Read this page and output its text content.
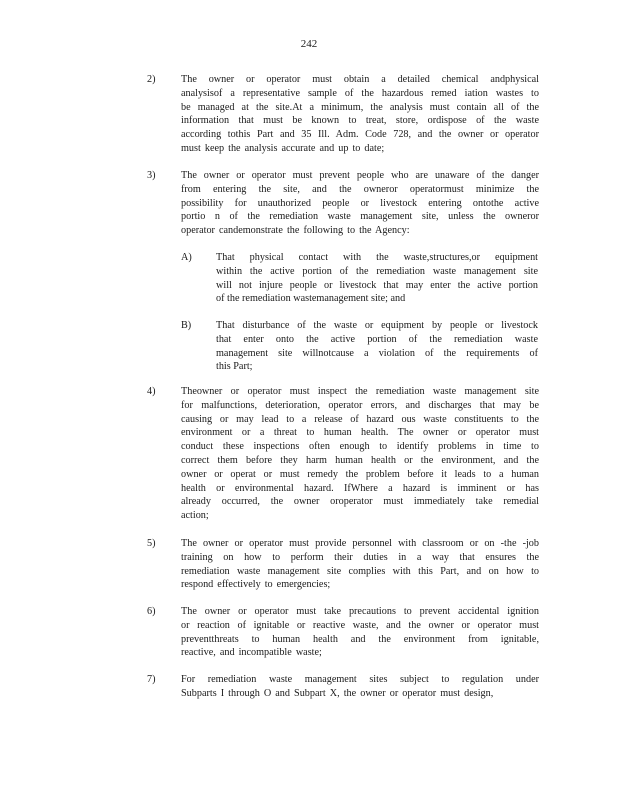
242
2)	The owner or operator must obtain a detailed chemical andphysical
analysisof a representative sample of the hazardous remed iation wastes to
be managed at the site.At a minimum, the analysis must contain all of the
information that must be known to treat, store, ordispose of the waste
according tothis Part and 35 Ill. Adm. Code 728, and the owner or operator
must keep the analysis accurate and up to date;
3)	The owner or operator must prevent people who are unaware of the danger
from entering the site, and the owneror operatormust minimize the
possibility for unauthorized people or livestock entering ontothe active
portio n of the remediation waste management site, unless the owneror
operator candemonstrate the following to the Agency:
A) That physical contact with the waste,structures,or equipment
within the active portion of the remediation waste management site
will not injure people or livestock that may enter the active portion
of the remediation wastemanagement site; and
B) That disturbance of the waste or equipment by people or livestock
that enter onto the active portion of the remediation waste
management site willnotcause a violation of the requirements of
this Part;
4)	Theowner or operator must inspect the remediation waste management site
for malfunctions, deterioration, operator errors, and discharges that may be
causing or may lead to a release of hazard ous waste constituents to the
environment or a threat to human health. The owner or operator must
conduct these inspections often enough to identify problems in time to
correct them before they harm human health or the environment, and the
owner or operat or must remedy the problem before it leads to a human
health or environmental hazard. IfWhere a hazard is imminent or has
already occurred, the owner oroperator must immediately take remedial
action;
5)	The owner or operator must provide personnel with classroom or on -the -job
training on how to perform their duties in a way that ensures the
remediation waste management site complies with this Part, and on how to
respond effectively to emergencies;
6)	The owner or operator must take precautions to prevent accidental ignition
or reaction of ignitable or reactive waste, and the owner or operator must
preventthreats to human health and the environment from ignitable,
reactive, and incompatible waste;
7)	For remediation waste management sites subject to regulation under
Subparts I through O and Subpart X, the owner or operator must design,
